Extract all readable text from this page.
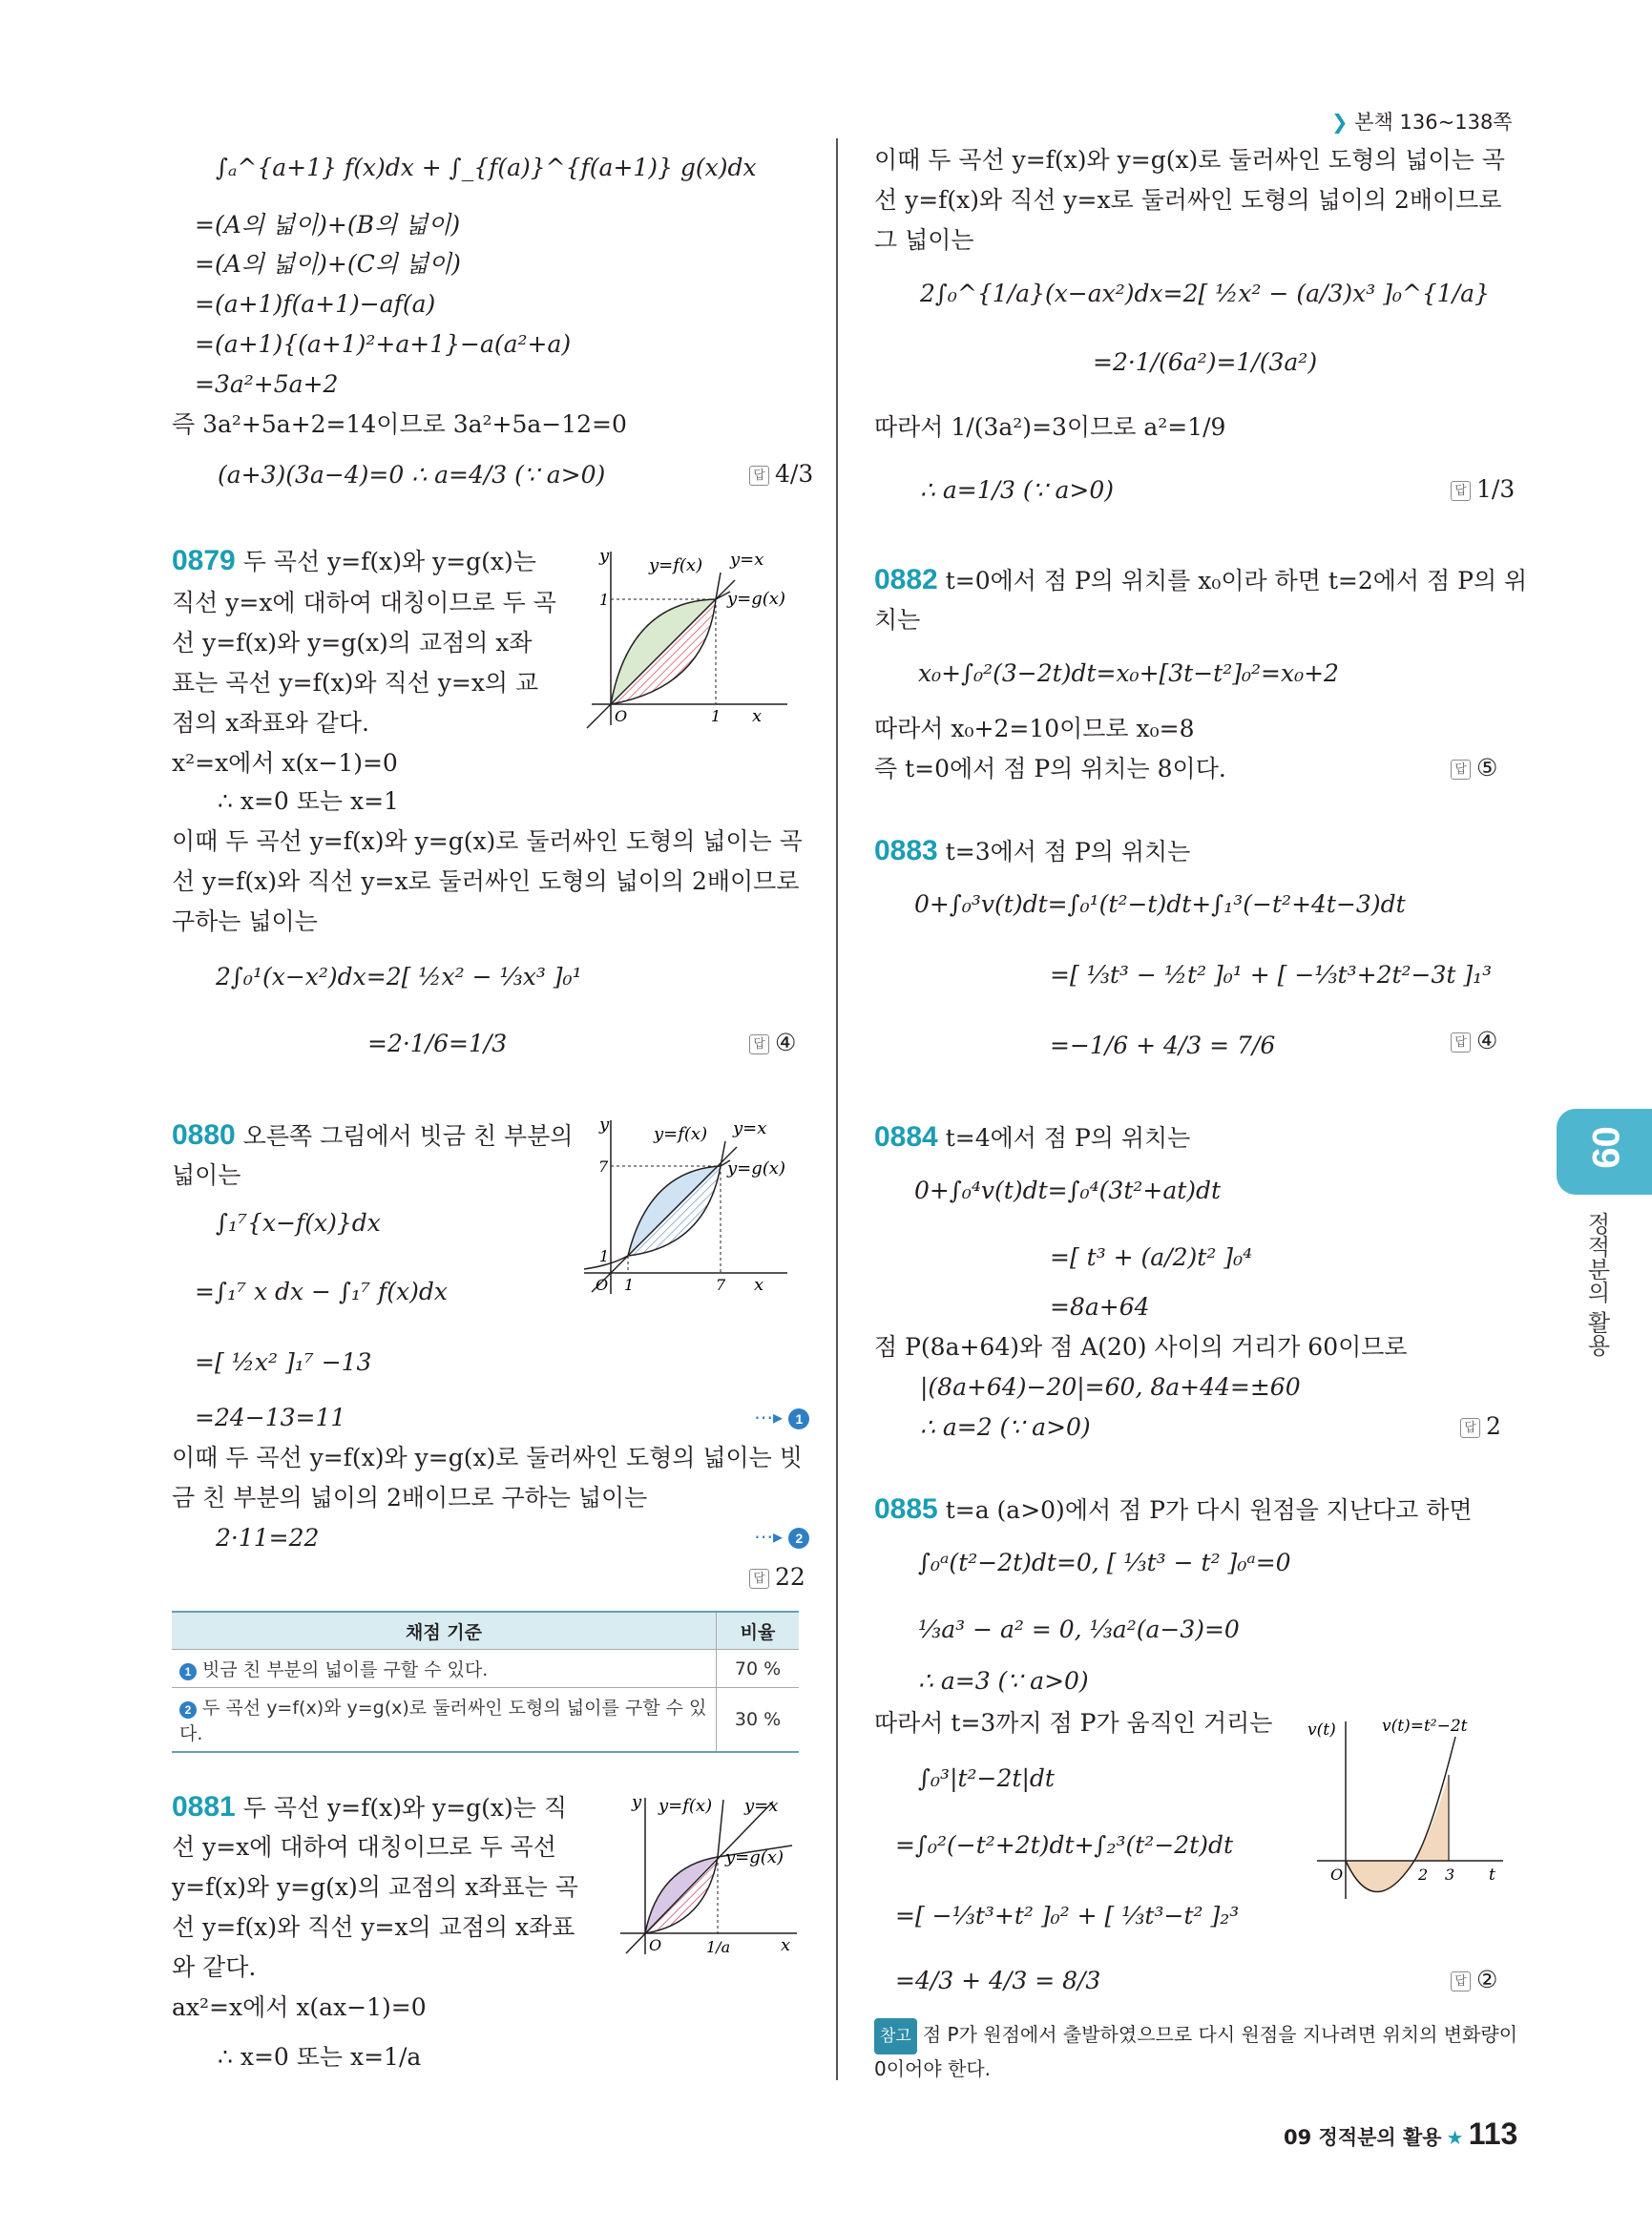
❯ 본책 136~138쪽
∫ₐ^{a+1} f(x)dx + ∫_{f(a)}^{f(a+1)} g(x)dx
=(A의 넓이)+(B의 넓이)
=(A의 넓이)+(C의 넓이)
=(a+1)f(a+1)−af(a)
=(a+1){(a+1)²+a+1}−a(a²+a)
=3a²+5a+2
즉 3a²+5a+2=14이므로 3a²+5a−12=0
(a+3)(3a−4)=0 ∴ a=4/3 (∵ a>0)	답 4/3
0879 두 곡선 y=f(x)와 y=g(x)는
직선 y=x에 대하여 대칭이므로 두 곡
선 y=f(x)와 y=g(x)의 교점의 x좌
표는 곡선 y=f(x)와 직선 y=x의 교
점의 x좌표와 같다.
x²=x에서 x(x−1)=0
∴ x=0 또는 x=1
이때 두 곡선 y=f(x)와 y=g(x)로 둘러싸인 도형의 넓이는 곡
선 y=f(x)와 직선 y=x로 둘러싸인 도형의 넓이의 2배이므로
구하는 넓이는
2∫₀¹(x−x²)dx=2[ ½x² − ⅓x³ ]₀¹
=2·1/6=1/3	답 ④
y=f(x) y=x
y=g(x)
1
1
O	x
y
0880 오른쪽 그림에서 빗금 친 부분의
넓이는
∫₁⁷{x−f(x)}dx
=∫₁⁷ x dx − ∫₁⁷ f(x)dx
=[ ½x² ]₁⁷ −13
=24−13=11	⋯▸ 1
이때 두 곡선 y=f(x)와 y=g(x)로 둘러싸인 도형의 넓이는 빗
금 친 부분의 넓이의 2배이므로 구하는 넓이는
2·11=22	⋯▸ 2
답 22
y=f(x) y=x
y=g(x)
7
7
1
1
O	x
y
채점 기준	비율
1 빗금 친 부분의 넓이를 구할 수 있다.	70 %
2 두 곡선 y=f(x)와 y=g(x)로 둘러싸인 도형의 넓이를 구할 수 있다.	30 %
0881 두 곡선 y=f(x)와 y=g(x)는 직
선 y=x에 대하여 대칭이므로 두 곡선
y=f(x)와 y=g(x)의 교점의 x좌표는 곡
선 y=f(x)와 직선 y=x의 교점의 x좌표
와 같다.
ax²=x에서 x(ax−1)=0
∴ x=0 또는 x=1/a
y=f(x) y=x
y=g(x)
1/a
O	x
y
이때 두 곡선 y=f(x)와 y=g(x)로 둘러싸인 도형의 넓이는 곡
선 y=f(x)와 직선 y=x로 둘러싸인 도형의 넓이의 2배이므로
그 넓이는
2∫₀^{1/a}(x−ax²)dx=2[ ½x² − (a/3)x³ ]₀^{1/a}
=2·1/(6a²)=1/(3a²)
따라서 1/(3a²)=3이므로 a²=1/9
∴ a=1/3 (∵ a>0)	답 1/3
0882 t=0에서 점 P의 위치를 x₀이라 하면 t=2에서 점 P의 위
치는
x₀+∫₀²(3−2t)dt=x₀+[3t−t²]₀²=x₀+2
따라서 x₀+2=10이므로 x₀=8
즉 t=0에서 점 P의 위치는 8이다.	답 ⑤
0883 t=3에서 점 P의 위치는
0+∫₀³v(t)dt=∫₀¹(t²−t)dt+∫₁³(−t²+4t−3)dt
=[ ⅓t³ − ½t² ]₀¹ + [ −⅓t³+2t²−3t ]₁³
=−1/6 + 4/3 = 7/6	답 ④
0884 t=4에서 점 P의 위치는
0+∫₀⁴v(t)dt=∫₀⁴(3t²+at)dt
=[ t³ + (a/2)t² ]₀⁴
=8a+64
점 P(8a+64)와 점 A(20) 사이의 거리가 60이므로
|(8a+64)−20|=60, 8a+44=±60
∴ a=2 (∵ a>0)	답 2
0885 t=a (a>0)에서 점 P가 다시 원점을 지난다고 하면
∫₀ᵃ(t²−2t)dt=0, [ ⅓t³ − t² ]₀ᵃ=0
⅓a³ − a² = 0, ⅓a²(a−3)=0
∴ a=3 (∵ a>0)
따라서 t=3까지 점 P가 움직인 거리는
∫₀³|t²−2t|dt
=∫₀²(−t²+2t)dt+∫₂³(t²−2t)dt
=[ −⅓t³+t² ]₀² + [ ⅓t³−t² ]₂³
=4/3 + 4/3 = 8/3	답 ②
v(t)	v(t)=t²−2t
O	2 3 t
참고 점 P가 원점에서 출발하였으므로 다시 원점을 지나려면 위치의 변화량이
0이어야 한다.
09
정적분의 활용
09 정적분의 활용 ★ 113
